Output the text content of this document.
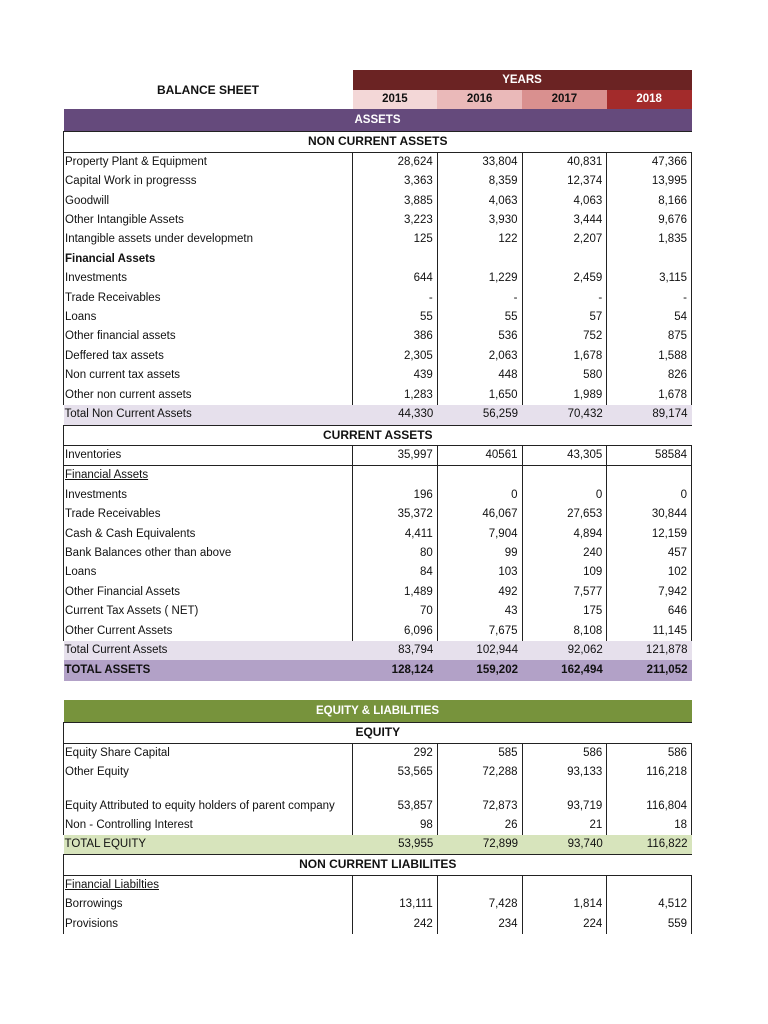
BALANCE SHEET	YEARS			
	2015	2016	2017	2018
ASSETS				
NON CURRENT ASSETS				
Property Plant & Equipment	28,624	33,804	40,831	47,366
Capital Work in progresss	3,363	8,359	12,374	13,995
Goodwill	3,885	4,063	4,063	8,166
Other Intangible Assets	3,223	3,930	3,444	9,676
Intangible assets under developmetn	125	122	2,207	1,835
Financial Assets				
Investments	644	1,229	2,459	3,115
Trade Receivables	-	-	-	-
Loans	55	55	57	54
Other financial assets	386	536	752	875
Deffered tax assets	2,305	2,063	1,678	1,588
Non current tax assets	439	448	580	826
Other non current assets	1,283	1,650	1,989	1,678
Total Non Current Assets	44,330	56,259	70,432	89,174
CURRENT ASSETS
Inventories	35,997	40561	43,305	58584
Financial Assets				
Investments	196	0	0	0
Trade Receivables	35,372	46,067	27,653	30,844
Cash & Cash Equivalents	4,411	7,904	4,894	12,159
Bank Balances other than above	80	99	240	457
Loans	84	103	109	102
Other Financial Assets	1,489	492	7,577	7,942
Current Tax Assets ( NET)	70	43	175	646
Other Current Assets	6,096	7,675	8,108	11,145
Total Current Assets	83,794	102,944	92,062	121,878
TOTAL ASSETS	128,124	159,202	162,494	211,052
EQUITY & LIABILITIES
EQUITY
Equity Share Capital	292	585	586	586
Other Equity	53,565	72,288	93,133	116,218
Equity Attributed to equity holders of parent company	53,857	72,873	93,719	116,804
Non - Controlling Interest	98	26	21	18
TOTAL EQUITY	53,955	72,899	93,740	116,822
NON CURRENT LIABILITES
Financial Liabilties				
Borrowings	13,111	7,428	1,814	4,512
Provisions	242	234	224	559
